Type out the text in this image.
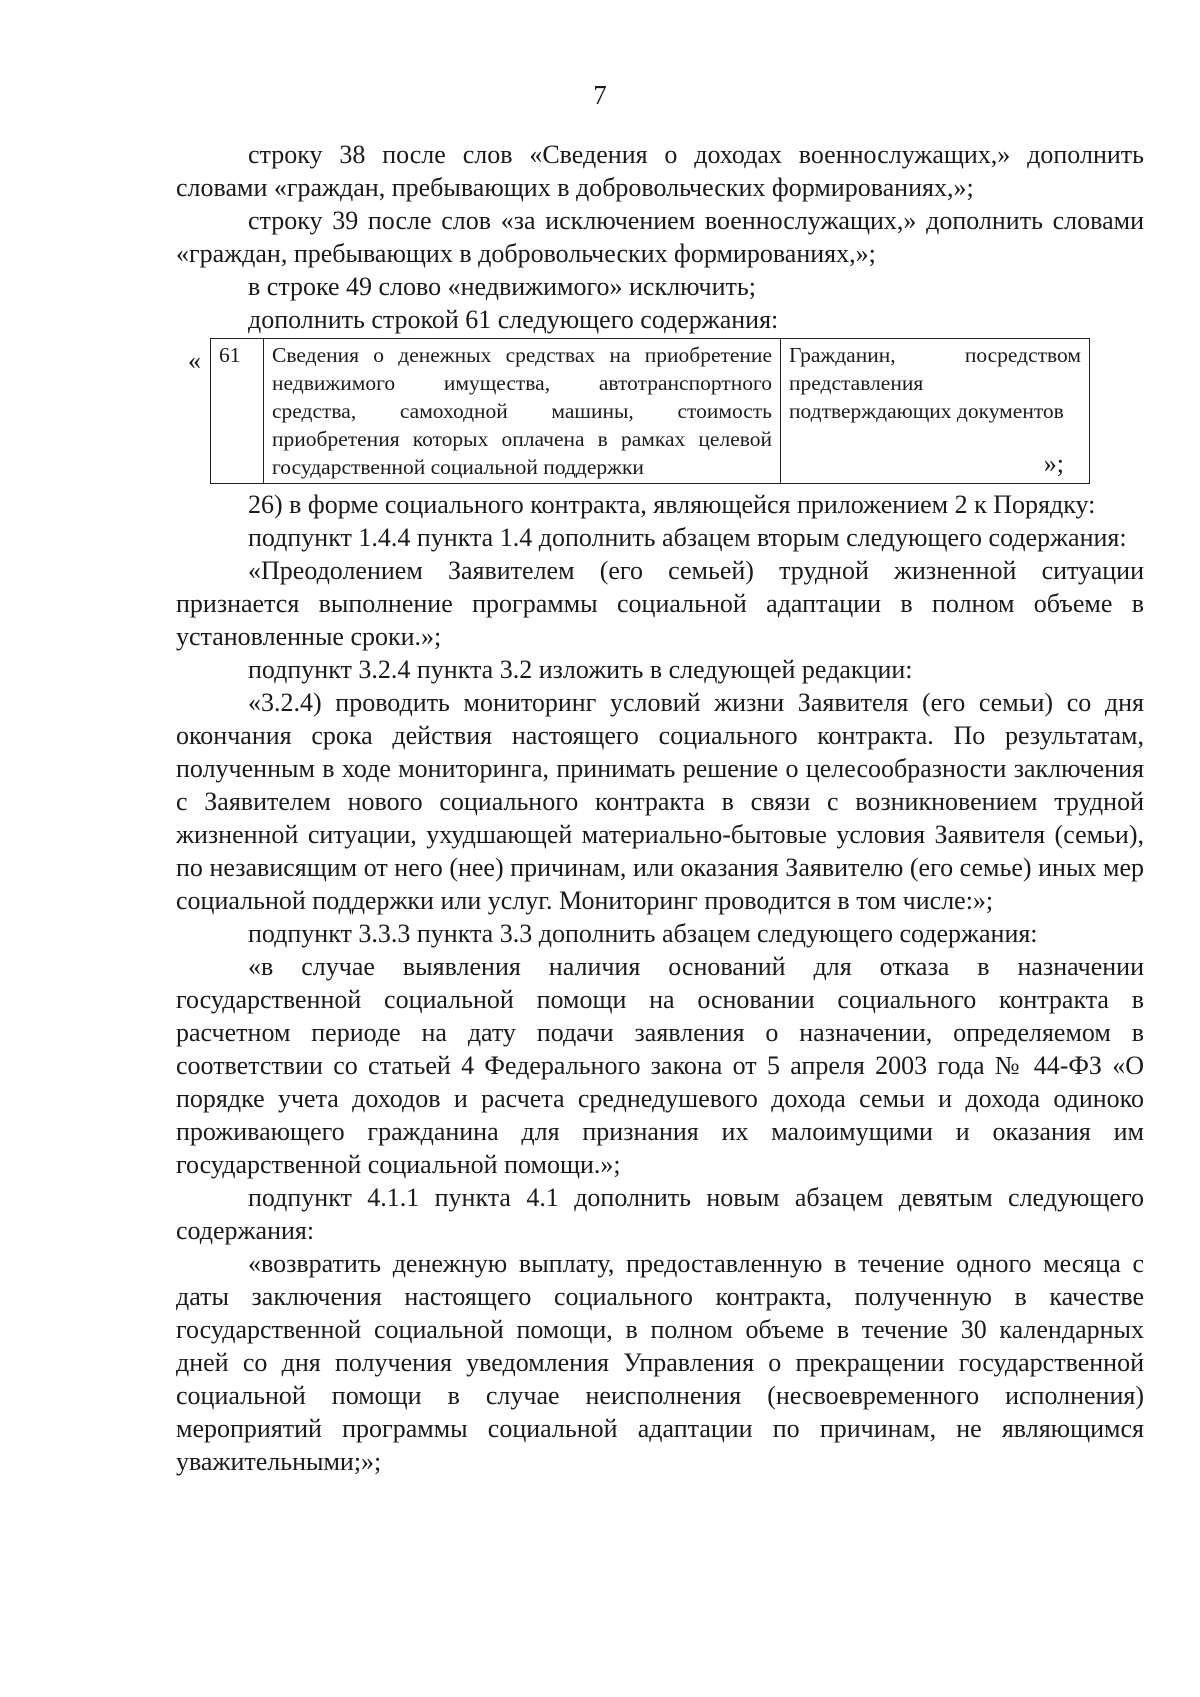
7

строку 38 после слов «Сведения о доходах военнослужащих,» дополнить словами «граждан, пребывающих в добровольческих формированиях,»;

строку 39 после слов «за исключением военнослужащих,» дополнить словами «граждан, пребывающих в добровольческих формированиях,»;

в строке 49 слово «недвижимого» исключить;

дополнить строкой 61 следующего содержания:

« 61	Сведения о денежных средствах на приобретение недвижимого имущества, автотранспортного средства, самоходной машины, стоимость приобретения которых оплачена в рамках целевой государственной социальной поддержки	Гражданин, посредством представления подтверждающих документов
»;

26) в форме социального контракта, являющейся приложением 2 к Порядку:

подпункт 1.4.4 пункта 1.4 дополнить абзацем вторым следующего содержания:

«Преодолением Заявителем (его семьей) трудной жизненной ситуации признается выполнение программы социальной адаптации в полном объеме в установленные сроки.»;

подпункт 3.2.4 пункта 3.2 изложить в следующей редакции:

«3.2.4) проводить мониторинг условий жизни Заявителя (его семьи) со дня окончания срока действия настоящего социального контракта. По результатам, полученным в ходе мониторинга, принимать решение о целесообразности заключения с Заявителем нового социального контракта в связи с возникновением трудной жизненной ситуации, ухудшающей материально-бытовые условия Заявителя (семьи), по независящим от него (нее) причинам, или оказания Заявителю (его семье) иных мер социальной поддержки или услуг. Мониторинг проводится в том числе:»;

подпункт 3.3.3 пункта 3.3 дополнить абзацем следующего содержания:

«в случае выявления наличия оснований для отказа в назначении государственной социальной помощи на основании социального контракта в расчетном периоде на дату подачи заявления о назначении, определяемом в соответствии со статьей 4 Федерального закона от 5 апреля 2003 года № 44-ФЗ «О порядке учета доходов и расчета среднедушевого дохода семьи и дохода одиноко проживающего гражданина для признания их малоимущими и оказания им государственной социальной помощи.»;

подпункт 4.1.1 пункта 4.1 дополнить новым абзацем девятым следующего содержания:

«возвратить денежную выплату, предоставленную в течение одного месяца с даты заключения настоящего социального контракта, полученную в качестве государственной социальной помощи, в полном объеме в течение 30 календарных дней со дня получения уведомления Управления о прекращении государственной социальной помощи в случае неисполнения (несвоевременного исполнения) мероприятий программы социальной адаптации по причинам, не являющимся уважительными;»;
